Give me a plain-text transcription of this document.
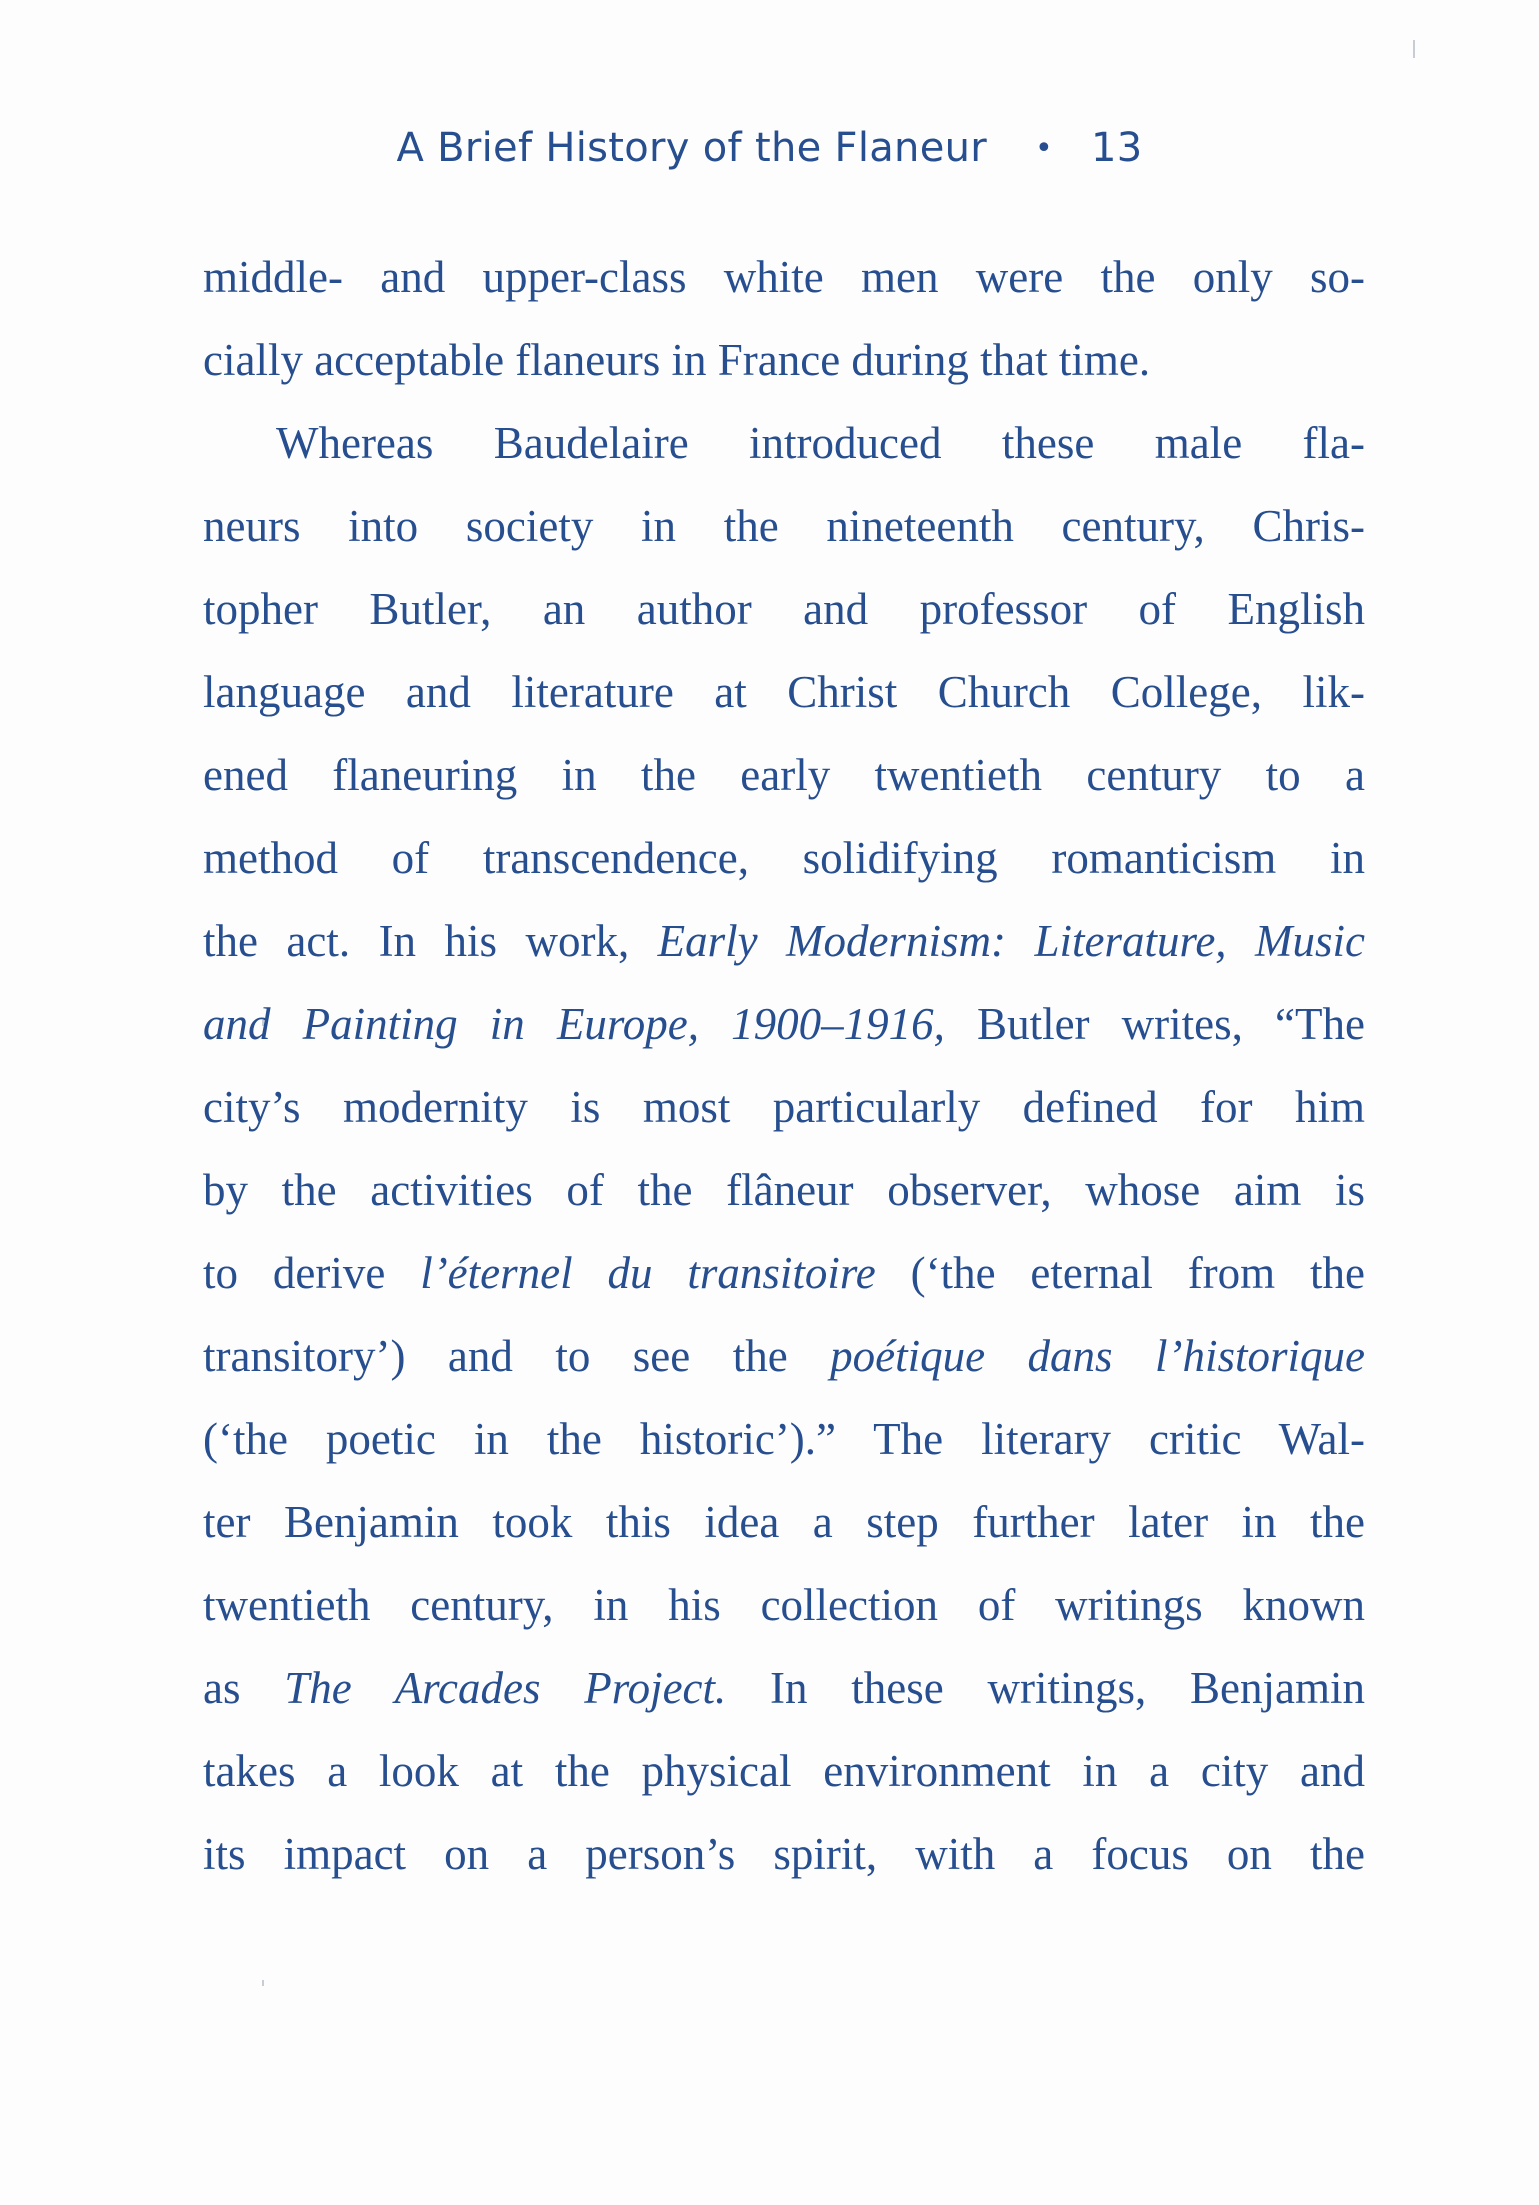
A Brief History of the Flaneur • 13
middle- and upper-class white men were the only so-
cially acceptable flaneurs in France during that time.
Whereas Baudelaire introduced these male fla-
neurs into society in the nineteenth century, Chris-
topher Butler, an author and professor of English
language and literature at Christ Church College, lik-
ened flaneuring in the early twentieth century to a
method of transcendence, solidifying romanticism in
the act. In his work, Early Modernism: Literature, Music
and Painting in Europe, 1900–1916, Butler writes, “The
city’s modernity is most particularly defined for him
by the activities of the flâneur observer, whose aim is
to derive l’éternel du transitoire (‘the eternal from the
transitory’) and to see the poétique dans l’historique
(‘the poetic in the historic’).” The literary critic Wal-
ter Benjamin took this idea a step further later in the
twentieth century, in his collection of writings known
as The Arcades Project. In these writings, Benjamin
takes a look at the physical environment in a city and
its impact on a person’s spirit, with a focus on the
